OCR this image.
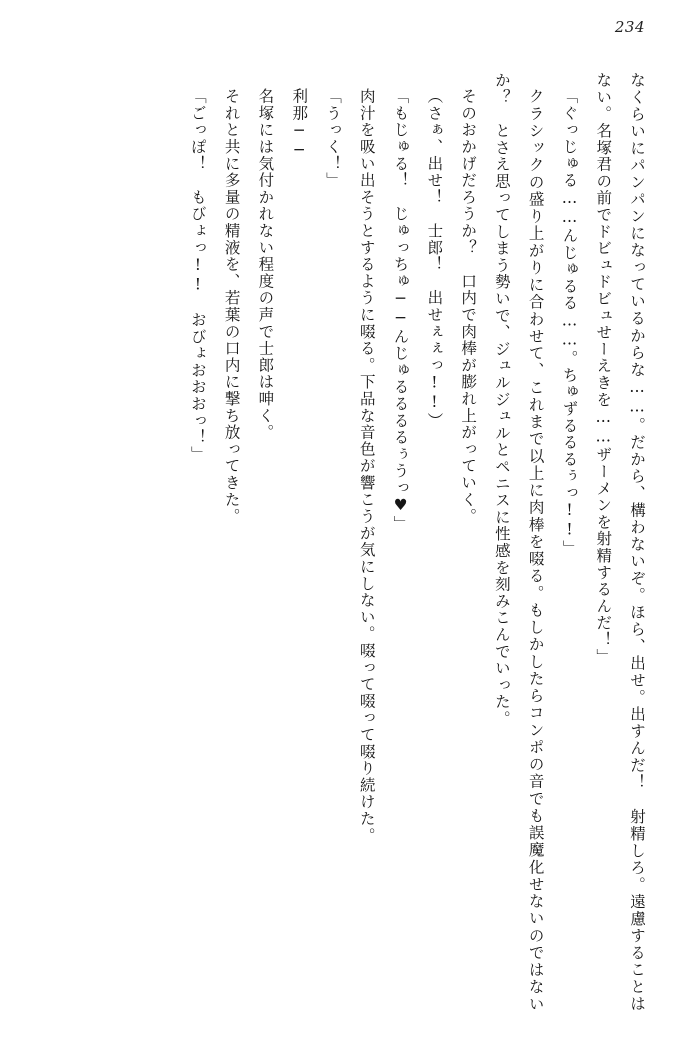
234

なくらいにパンパンになっているからな……。だから、構わないぞ。ほら、出せ。出すんだ！　射精しろ。遠慮することはない。名塚君の前でドビュドビュせーえきを……ザーメンを射精するんだ！」

「ぐっじゅる……んじゅるる……。ちゅずるるるぅっ!!」

クラシックの盛り上がりに合わせて、これまで以上に肉棒を啜る。もしかしたらコンポの音でも誤魔化せないのではないか？　とさえ思ってしまう勢いで、ジュルジュルとペニスに性感を刻みこんでいった。

そのおかげだろうか？　口内で肉棒が膨れ上がっていく。

（さぁ、出せ！　士郎！　出せぇぇっ!!）

「もじゅる！　じゅっちゅ──んじゅるるるるぅうっ♥」

肉汁を吸い出そうとするように啜る。下品な音色が響こうが気にしない。啜って啜って啜り続けた。

「うっく！」

利那──

名塚には気付かれない程度の声で士郎は呻く。

それと共に多量の精液を、若葉の口内に撃ち放ってきた。

「ごっぽ！　もびょっ!!　おびょおおおっ！」
